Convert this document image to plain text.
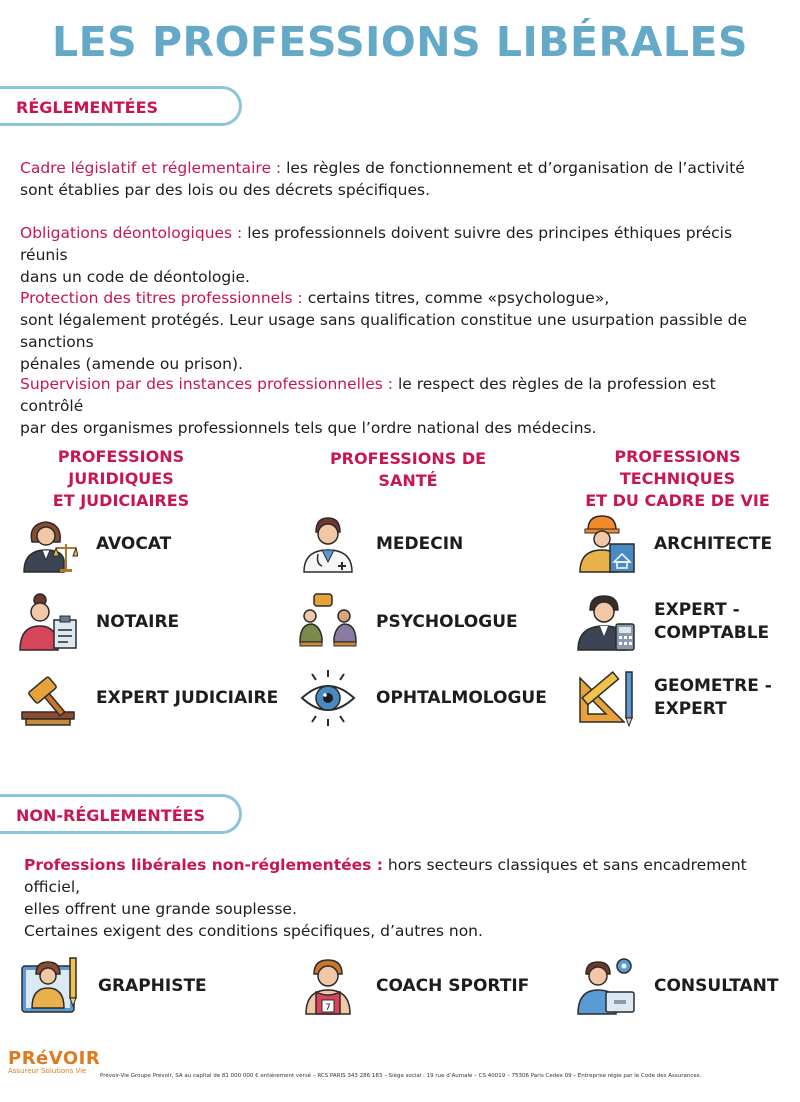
LES PROFESSIONS LIBÉRALES
RÉGLEMENTÉES
Cadre législatif et réglementaire : les règles de fonctionnement et d’organisation de l’activité
sont établies par des lois ou des décrets spécifiques.
Obligations déontologiques : les professionnels doivent suivre des principes éthiques précis réunis
dans un code de déontologie.
Protection des titres professionnels : certains titres, comme «psychologue»,
sont légalement protégés. Leur usage sans qualification constitue une usurpation passible de sanctions
pénales (amende ou prison).
Supervision par des instances professionnelles : le respect des règles de la profession est contrôlé
par des organismes professionnels tels que l’ordre national des médecins.
PROFESSIONS JURIDIQUES
ET JUDICIAIRES
PROFESSIONS DE SANTÉ
PROFESSIONS TECHNIQUES
ET DU CADRE DE VIE
AVOCAT
NOTAIRE
EXPERT JUDICIAIRE
MEDECIN
PSYCHOLOGUE
OPHTALMOLOGUE
ARCHITECTE
EXPERT -
COMPTABLE
GEOMETRE -
EXPERT
NON-RÉGLEMENTÉES
Professions libérales non-réglementées : hors secteurs classiques et sans encadrement officiel,
elles offrent une grande souplesse.
Certaines exigent des conditions spécifiques, d’autres non.
GRAPHISTE
7
COACH SPORTIF	CONSULTANT
PRéVOIR
Assureur Solutions Vie
Prévoir-Vie Groupe Prévoir, SA au capital de 81 000 000 € entièrement versé – RCS PARIS 343 286 183 – Siège social : 19 rue d’Aumale – CS 40019 – 75306 Paris Cedex 09 – Entreprise régie par le Code des Assurances.
